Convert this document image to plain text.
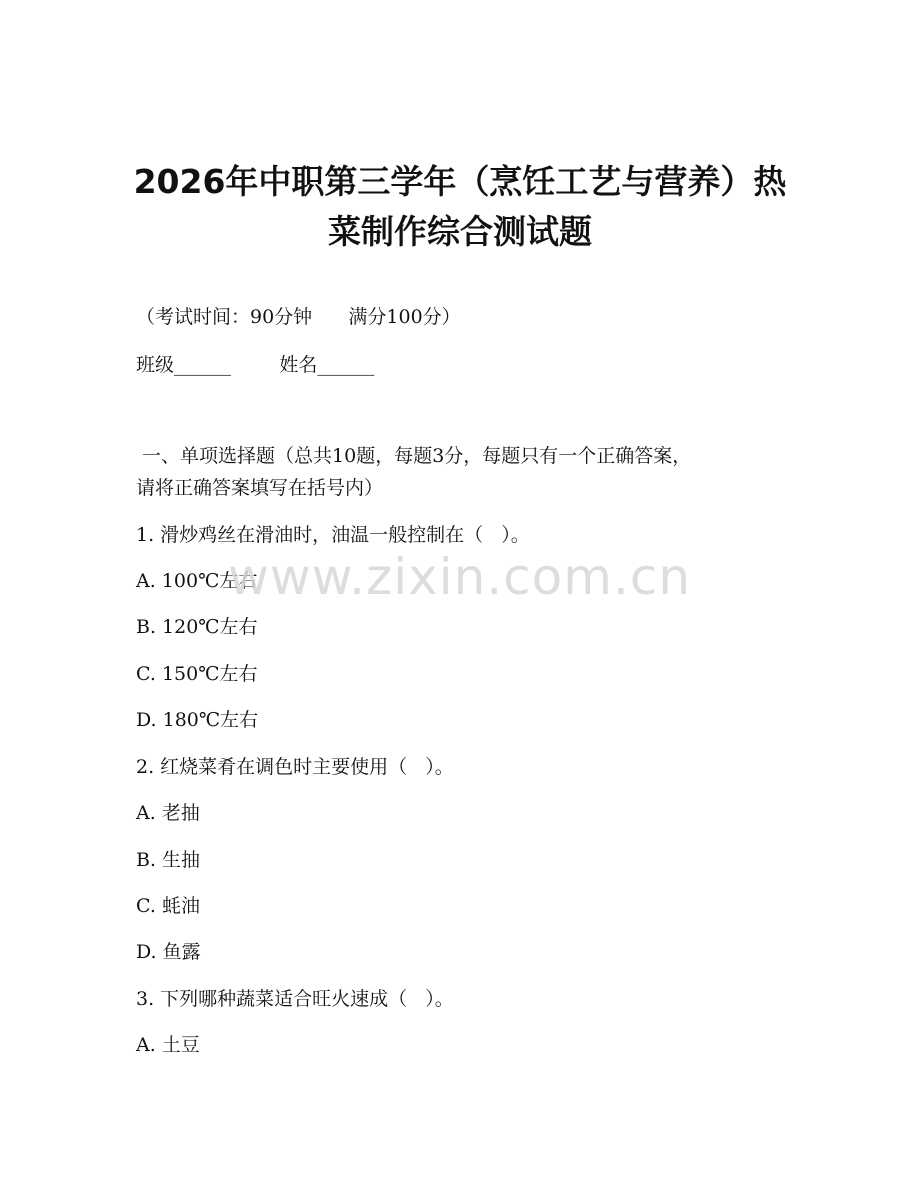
2026年中职第三学年（烹饪工艺与营养）热
菜制作综合测试题
（考试时间：90分钟      满分100分）
班级______        姓名______
一、单项选择题（总共10题，每题3分，每题只有一个正确答案，
请将正确答案填写在括号内）
1. 滑炒鸡丝在滑油时，油温一般控制在（   ）。
A. 100℃左右
B. 120℃左右
C. 150℃左右
D. 180℃左右
2. 红烧菜肴在调色时主要使用（   ）。
A. 老抽
B. 生抽
C. 蚝油
D. 鱼露
3. 下列哪种蔬菜适合旺火速成（   ）。
A. 土豆
www.zixin.com.cn
